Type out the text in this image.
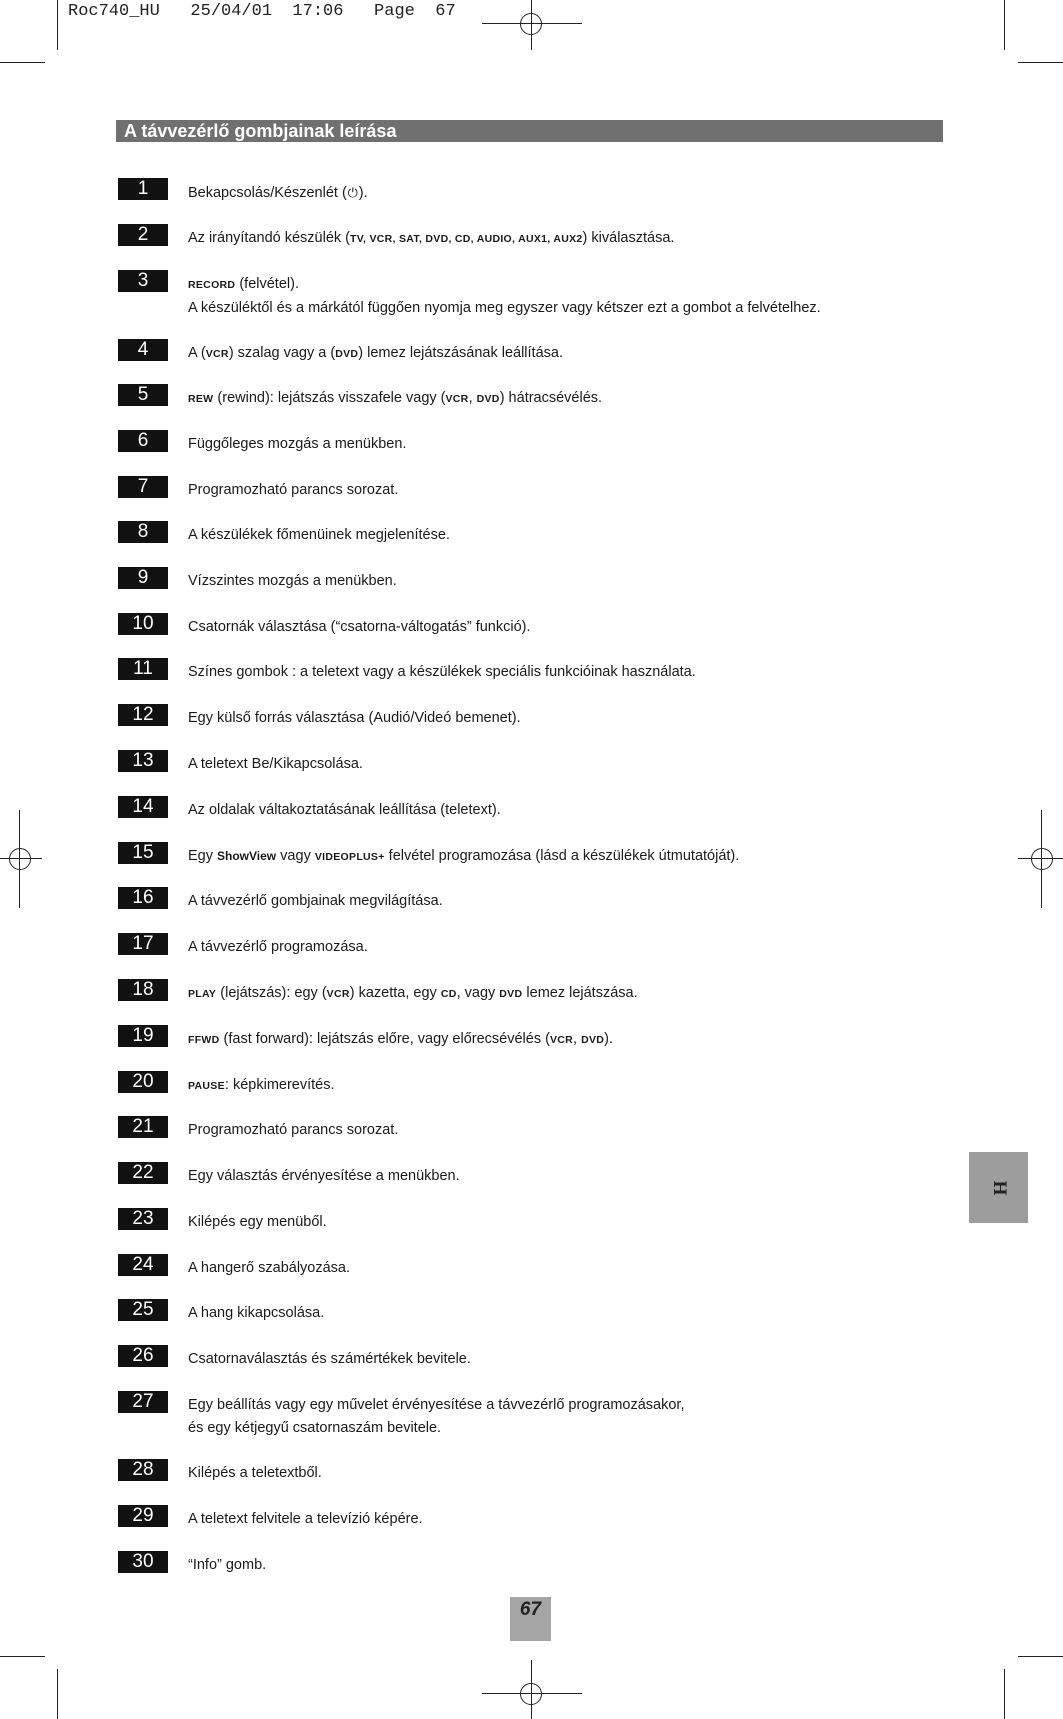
Roc740_HU   25/04/01  17:06   Page  67
A távvezérlő gombjainak leírása
1	Bekapcsolás/Készenlét (⏻).
2	Az irányítandó készülék (TV, VCR, SAT, DVD, CD, AUDIO, AUX1, AUX2) kiválasztása.
3	RECORD (felvétel).
A készüléktől és a márkától függően nyomja meg egyszer vagy kétszer ezt a gombot a felvételhez.
4	A (VCR) szalag vagy a (DVD) lemez lejátszásának leállítása.
5	REW (rewind): lejátszás visszafele vagy (VCR, DVD) hátracsévélés.
6	Függőleges mozgás a menükben.
7	Programozható parancs sorozat.
8	A készülékek főmenüinek megjelenítése.
9	Vízszintes mozgás a menükben.
10	Csatornák választása (“csatorna-váltogatás” funkció).
11	Színes gombok : a teletext vagy a készülékek speciális funkcióinak használata.
12	Egy külső forrás választása (Audió/Videó bemenet).
13	A teletext Be/Kikapcsolása.
14	Az oldalak váltakoztatásának leállítása (teletext).
15	Egy ShowView vagy VIDEOPLUS+ felvétel programozása (lásd a készülékek útmutatóját).
16	A távvezérlő gombjainak megvilágítása.
17	A távvezérlő programozása.
18	PLAY (lejátszás): egy (VCR) kazetta, egy CD, vagy DVD lemez lejátszása.
19	FFWD (fast forward): lejátszás előre, vagy előrecsévélés (VCR, DVD).
20	PAUSE: képkimerevítés.
21	Programozható parancs sorozat.
22	Egy választás érvényesítése a menükben.
23	Kilépés egy menüből.
24	A hangerő szabályozása.
25	A hang kikapcsolása.
26	Csatornaválasztás és számértékek bevitele.
27	Egy beállítás vagy egy művelet érvényesítése a távvezérlő programozásakor,
és egy kétjegyű csatornaszám bevitele.
28	Kilépés a teletextből.
29	A teletext felvitele a televízió képére.
30	“Info” gomb.
H
67
